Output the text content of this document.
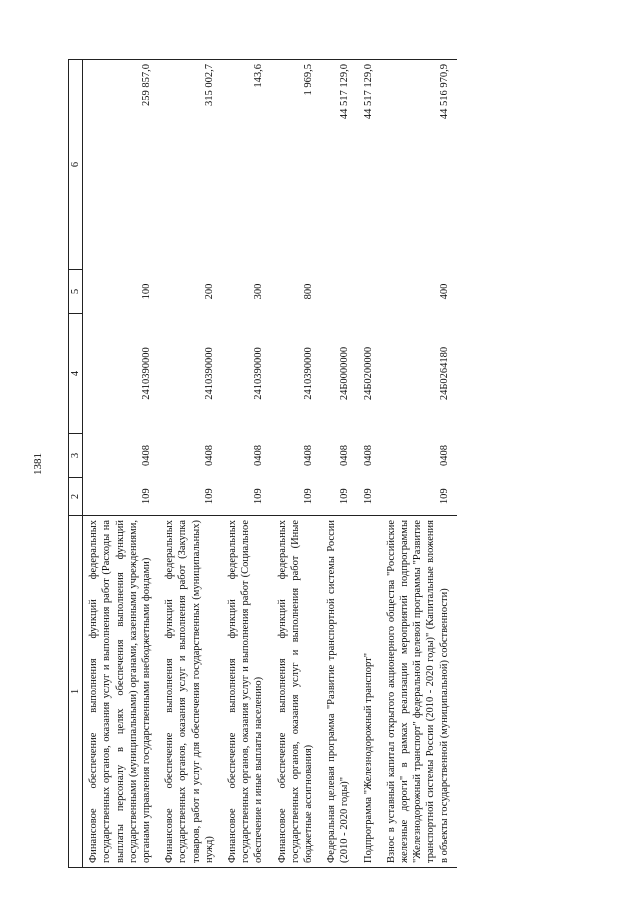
1381
1	2	3	4	5	6
Финансовое обеспечение выполнения функций федеральных государственных органов, оказания услуг и выполнения работ (Расходы на выплаты персоналу в целях обеспечения выполнения функций государственными (муниципальными) органами, казенными учреждениями, органами управления государственными внебюджетными фондами)	109	0408	2410390000	100	259 857,0
Финансовое обеспечение выполнения функций федеральных государственных органов, оказания услуг и выполнения работ (Закупка товаров, работ и услуг для обеспечения государственных (муниципальных) нужд)	109	0408	2410390000	200	315 002,7
Финансовое обеспечение выполнения функций федеральных государственных органов, оказания услуг и выполнения работ (Социальное обеспечение и иные выплаты населению)	109	0408	2410390000	300	143,6
Финансовое обеспечение выполнения функций федеральных государственных органов, оказания услуг и выполнения работ (Иные бюджетные ассигнования)	109	0408	2410390000	800	1 969,5
Федеральная целевая программа "Развитие транспортной системы России (2010 - 2020 годы)"	109	0408	24Б0000000		44 517 129,0
Подпрограмма "Железнодорожный транспорт"	109	0408	24Б0200000		44 517 129,0
Взнос в уставный капитал открытого акционерного общества "Российские железные дороги" в рамках реализации мероприятий подпрограммы "Железнодорожный транспорт" федеральной целевой программы "Развитие транспортной системы России (2010 - 2020 годы)" (Капитальные вложения в объекты государственной (муниципальной) собственности)	109	0408	24Б0264180	400	44 516 970,9
